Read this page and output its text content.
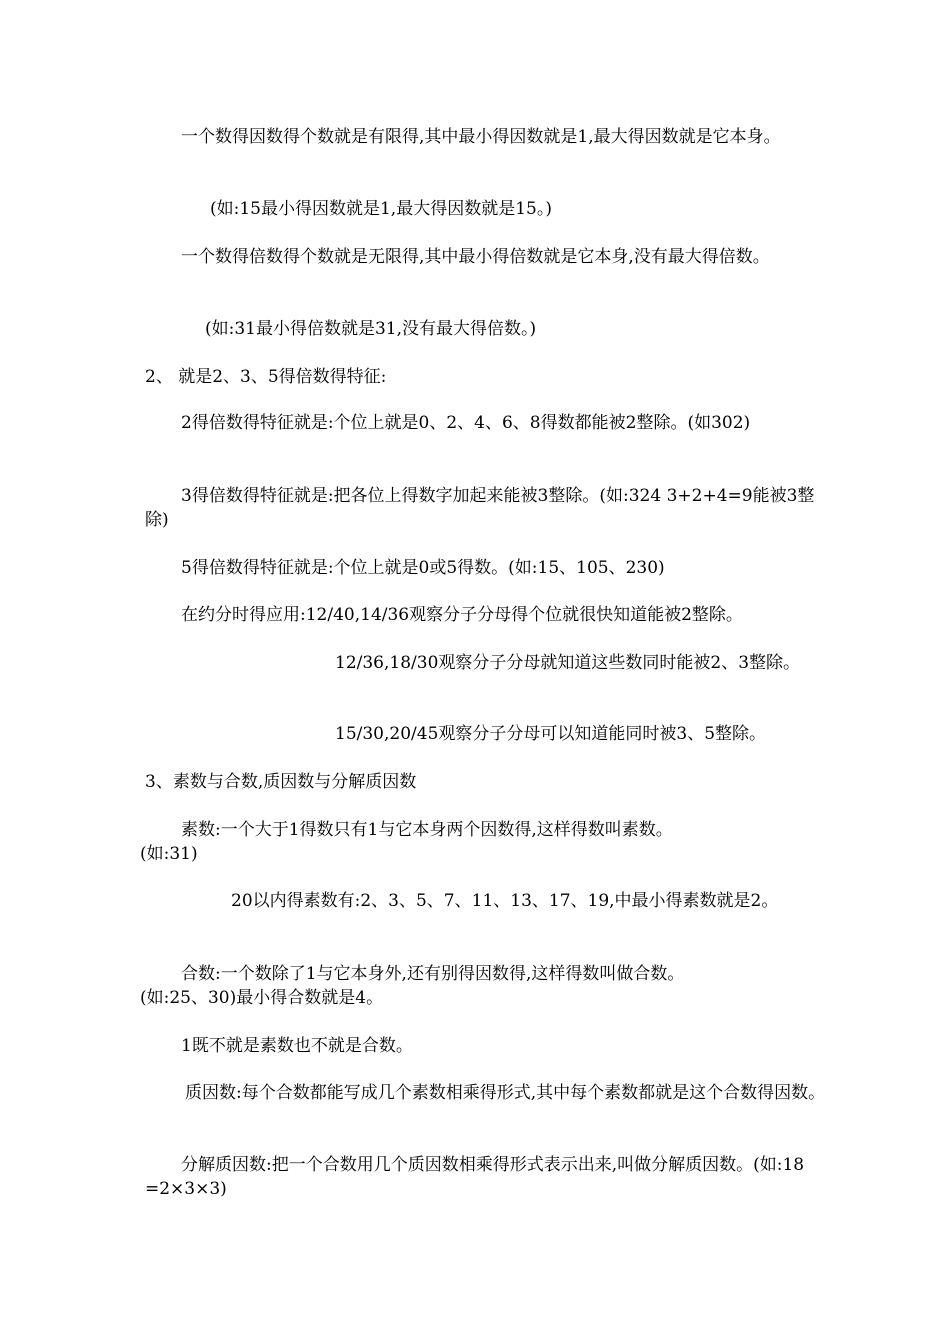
一个数得因数得个数就是有限得,其中最小得因数就是1,最大得因数就是它本身。

(如:15最小得因数就是1,最大得因数就是15。)

一个数得倍数得个数就是无限得,其中最小得倍数就是它本身,没有最大得倍数。

(如:31最小得倍数就是31,没有最大得倍数。)

2、 就是2、3、5得倍数得特征:

2得倍数得特征就是:个位上就是0、2、4、6、8得数都能被2整除。(如302)

3得倍数得特征就是:把各位上得数字加起来能被3整除。(如:324 3+2+4=9能被3整除)

5得倍数得特征就是:个位上就是0或5得数。(如:15、105、230)

在约分时得应用:12/40,14/36观察分子分母得个位就很快知道能被2整除。

12/36,18/30观察分子分母就知道这些数同时能被2、3整除。

15/30,20/45观察分子分母可以知道能同时被3、5整除。

3、素数与合数,质因数与分解质因数

素数:一个大于1得数只有1与它本身两个因数得,这样得数叫素数。

(如:31)

20以内得素数有:2、3、5、7、11、13、17、19,中最小得素数就是2。

合数:一个数除了1与它本身外,还有别得因数得,这样得数叫做合数。

(如:25、30)最小得合数就是4。

1既不就是素数也不就是合数。

质因数:每个合数都能写成几个素数相乘得形式,其中每个素数都就是这个合数得因数。

分解质因数:把一个合数用几个质因数相乘得形式表示出来,叫做分解质因数。(如:18=2×3×3)
